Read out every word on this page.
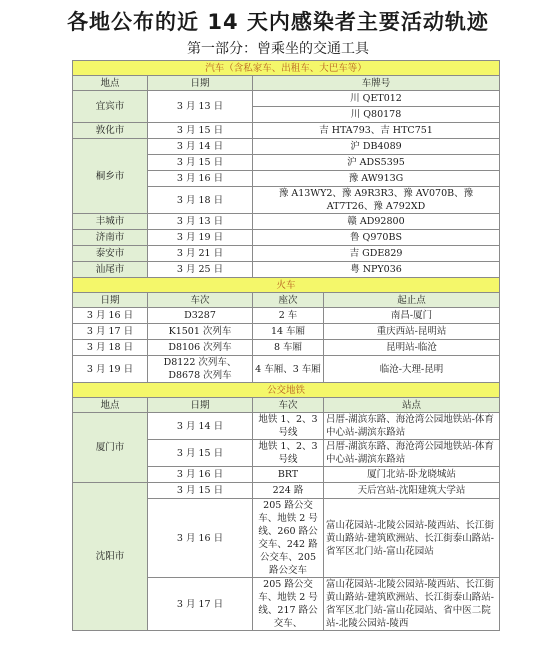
各地公布的近 14 天内感染者主要活动轨迹
第一部分：曾乘坐的交通工具
汽车（含私家车、出租车、大巴车等）			
地点	日期	车牌号	
宜宾市	3 月 13 日	川 QET012	
		川 Q80178	
敦化市	3 月 15 日	吉 HTA793、吉 HTC751	
桐乡市	3 月 14 日	沪 DB4089	
	3 月 15 日	沪 ADS5395	
	3 月 16 日	豫 AW913G	
	3 月 18 日	豫 A13WY2、豫 A9R3R3、豫 AV070B、豫 AT7T26、豫 A792XD	
丰城市	3 月 13 日	赣 AD92800	
济南市	3 月 19 日	鲁 Q970BS	
泰安市	3 月 21 日	吉 GDE829	
汕尾市	3 月 25 日	粤 NPY036	
火车			
日期	车次	座次	起止点
3 月 16 日	D3287	2 车	南昌-厦门
3 月 17 日	K1501 次列车	14 车厢	重庆西站-昆明站
3 月 18 日	D8106 次列车	8 车厢	昆明站-临沧
3 月 19 日	D8122 次列车、D8678 次列车	4 车厢、3 车厢	临沧-大理-昆明
公交地铁			
地点	日期	车次	站点
厦门市	3 月 14 日	地铁 1、2、3 号线	吕厝-湖滨东路、海沧湾公园地铁站-体育中心站-湖滨东路站
	3 月 15 日	地铁 1、2、3 号线	吕厝-湖滨东路、海沧湾公园地铁站-体育中心站-湖滨东路站
	3 月 16 日	BRT	厦门北站-卧龙晓城站
沈阳市	3 月 15 日	224 路	天后宫站-沈阳建筑大学站
	3 月 16 日	205 路公交车、地铁 2 号线、260 路公交车、242 路公交车、205 路公交车	富山花园站-北陵公园站-陵西站、长江街黄山路站-建筑欧洲站、长江街泰山路站-省军区北门站-富山花园站
	3 月 17 日	205 路公交车、地铁 2 号线、217 路公交车、	富山花园站-北陵公园站-陵西站、长江街黄山路站-建筑欧洲站、长江街泰山路站-省军区北门站-富山花园站、省中医二院站-北陵公园站-陵西
